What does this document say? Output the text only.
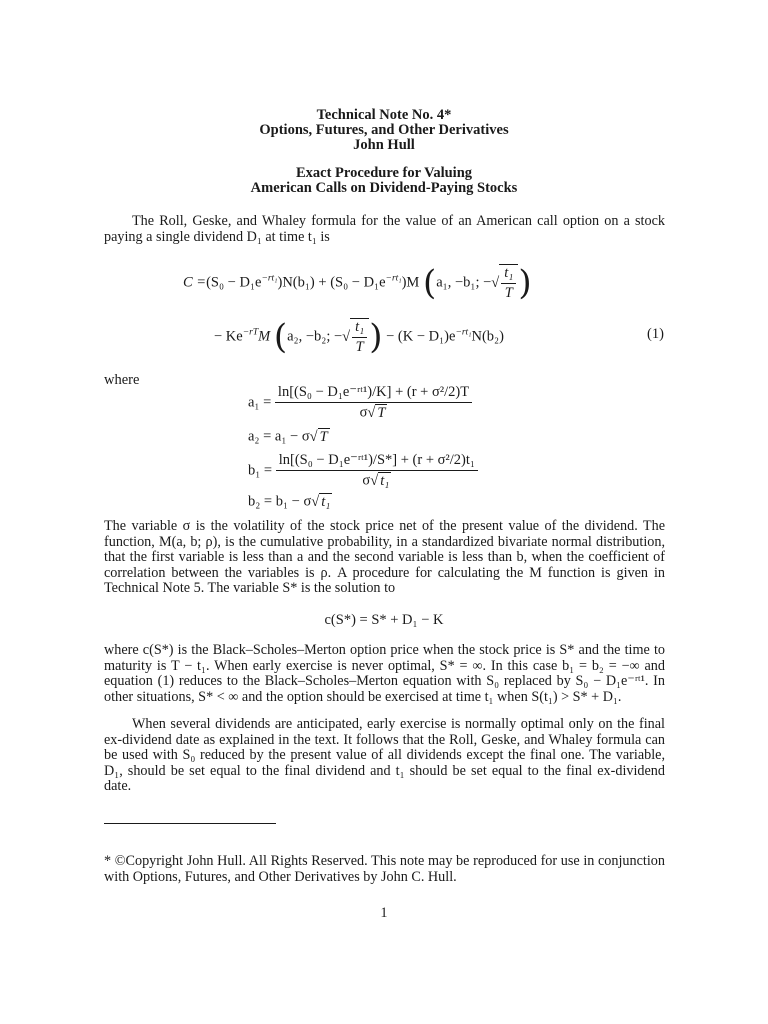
Technical Note No. 4*
Options, Futures, and Other Derivatives
John Hull
Exact Procedure for Valuing
American Calls on Dividend-Paying Stocks

The Roll, Geske, and Whaley formula for the value of an American call option on a stock paying a single dividend D₁ at time t₁ is

$C =(S_0 - D_1e^{-rt_1})N(b_1) + (S_0 - D_1e^{-rt_1})M$ (a₁, −b₁; −√ $\frac{\text{t₁}}{T}$ )
− $Ke^{-rT}M$ (a₂, −b₂; −√ $\frac{\text{t₁}}{T}$ ) − $(K - D_1)e^{-rt_1}N(b_2)$	(1)
where
$a_1 = \frac{\text{ln[(S₀ − D₁e⁻ʳᵗ¹)/K] + (r + σ²/2)T}}{\sigma√ T}$
a₂ = a₁ − σ√ T
$b_1 = \frac{\text{ln[(S₀ − D₁e⁻ʳᵗ¹)/S*] + (r + σ²/2)t₁}}{\text{σ√ t₁}}$
b₂ = b₁ − σ√ t₁

The variable σ is the volatility of the stock price net of the present value of the dividend. The function, M(a, b; ρ), is the cumulative probability, in a standardized bivariate normal distribution, that the first variable is less than a and the second variable is less than b, when the coefficient of correlation between the variables is ρ. A procedure for calculating the M function is given in Technical Note 5. The variable S* is the solution to

c(S*) = S* + D₁ − K

where c(S*) is the Black–Scholes–Merton option price when the stock price is S* and the time to maturity is T − t₁. When early exercise is never optimal, S* = ∞. In this case b₁ = b₂ = −∞ and equation (1) reduces to the Black–Scholes–Merton equation with S₀ replaced by S₀ − D₁e⁻ʳᵗ¹. In other situations, S* < ∞ and the option should be exercised at time t₁ when S(t₁) > S* + D₁.

When several dividends are anticipated, early exercise is normally optimal only on the final ex-dividend date as explained in the text. It follows that the Roll, Geske, and Whaley formula can be used with S₀ reduced by the present value of all dividends except the final one. The variable, D₁, should be set equal to the final dividend and t₁ should be set equal to the final ex-dividend date.

* ©Copyright John Hull. All Rights Reserved. This note may be reproduced for use in conjunction with Options, Futures, and Other Derivatives by John C. Hull.
1
